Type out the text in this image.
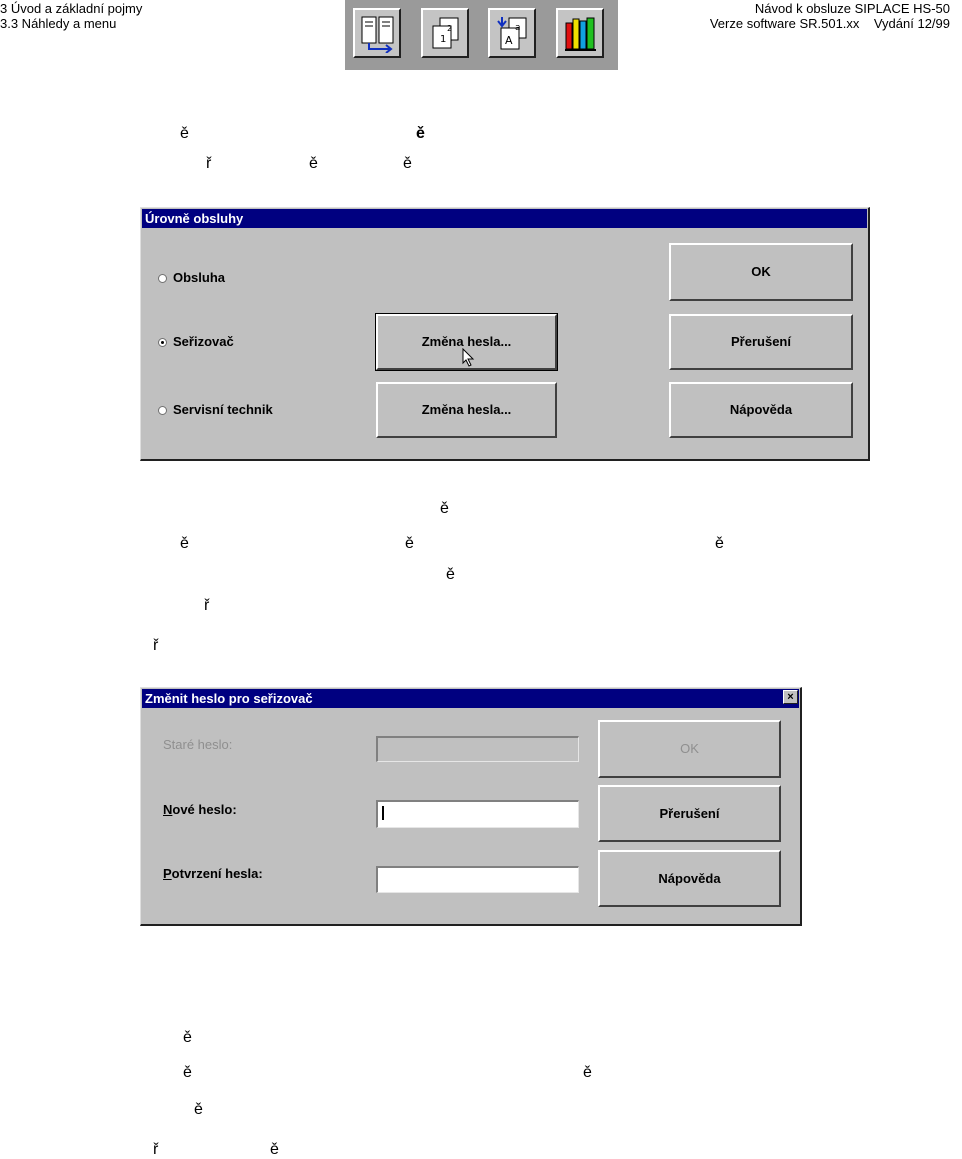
3 Úvod a základní pojmy
3.3 Náhledy a menu
Návod k obsluze SIPLACE HS-50
Verze software SR.501.xx    Vydání 12/99
1
2
A
a
ě	ě
ř	ě	ě
Úrovně obsluhy
Obsluha
Seřizovač
Servisní technik
Změna hesla...
Změna hesla...
OK
Přerušení
Nápověda
ě
ě	ě	ě
ě
ř
ř
Změnit heslo pro seřizovač	×
Staré heslo:
Nové heslo:
Potvrzení hesla:
OK
Přerušení
Nápověda
ě
ě	ě
ě
ř	ě
